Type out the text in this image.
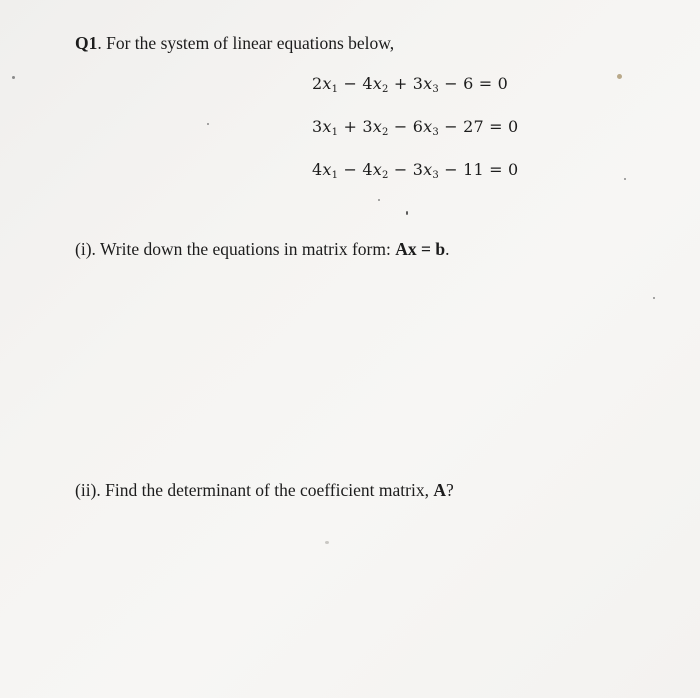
Q1. For the system of linear equations below,
$2x_1 - 4x_2 + 3x_3 - 6 = 0$
$3x_1 + 3x_2 - 6x_3 - 27 = 0$
$4x_1 - 4x_2 - 3x_3 - 11 = 0$
(i). Write down the equations in matrix form: Ax = b.
(ii). Find the determinant of the coefficient matrix, A?
